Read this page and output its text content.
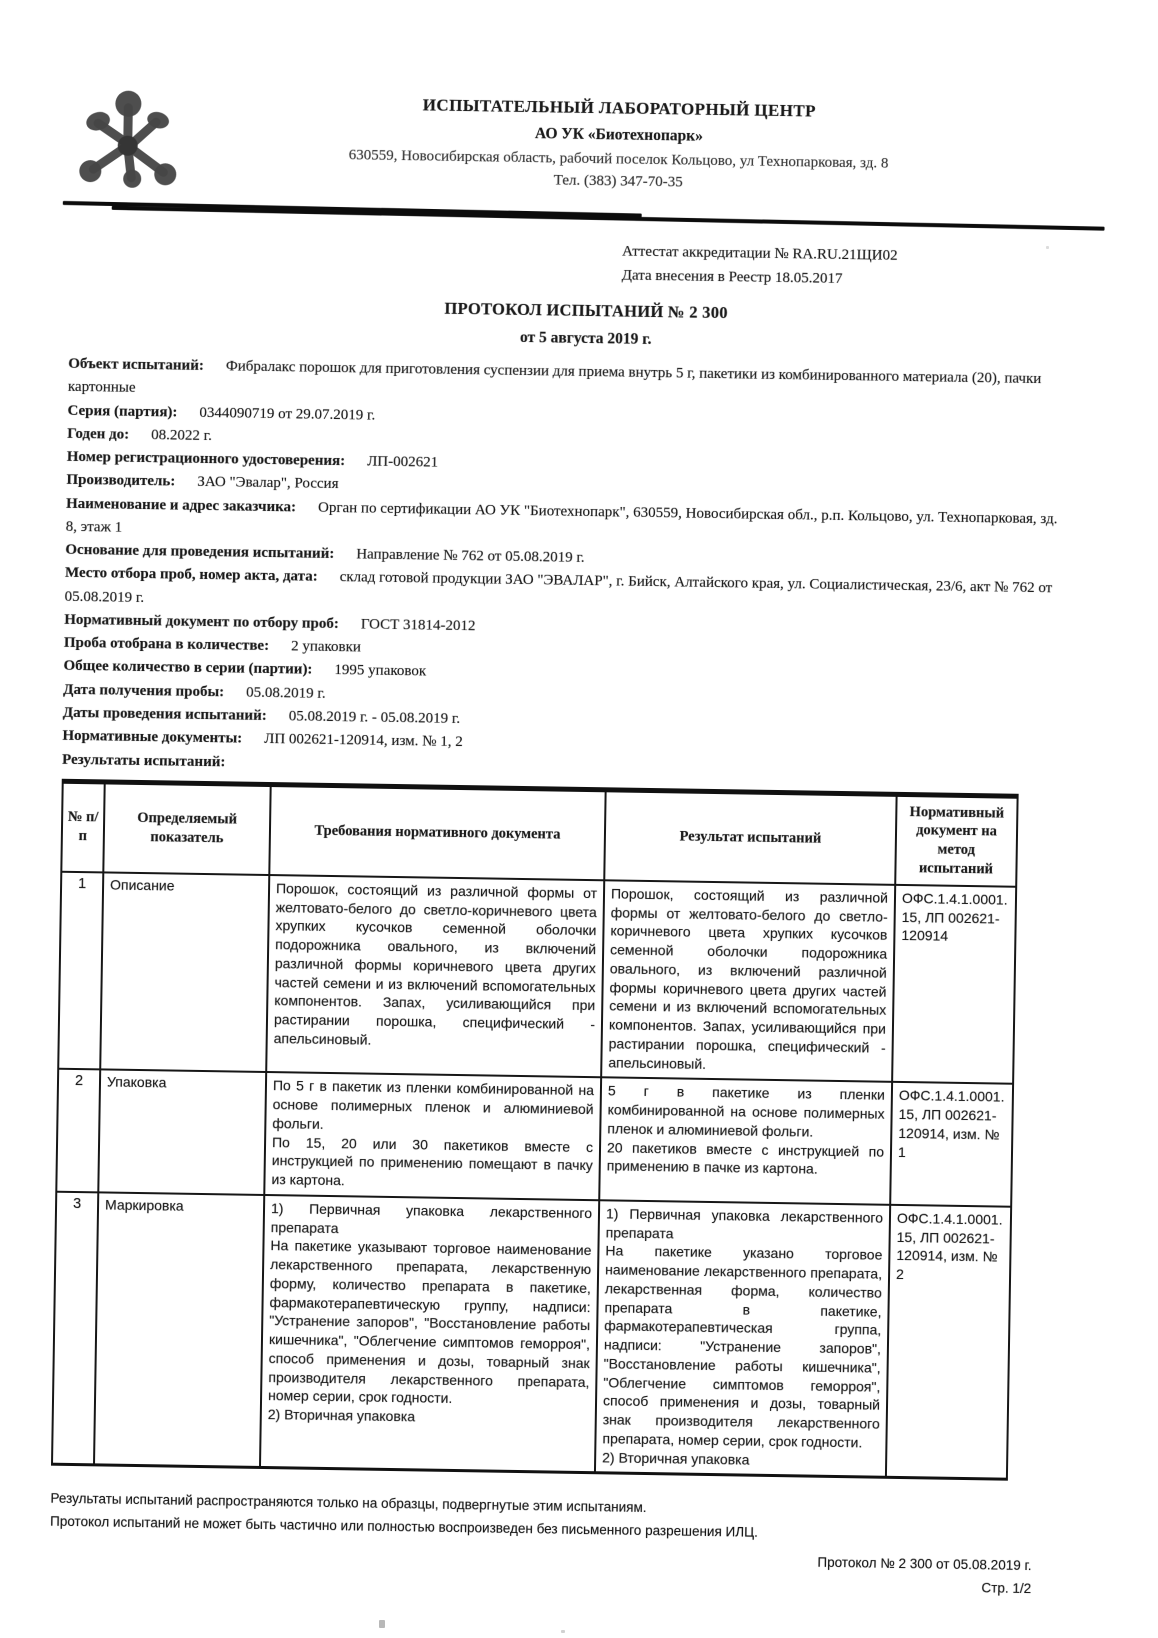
ИСПЫТАТЕЛЬНЫЙ ЛАБОРАТОРНЫЙ ЦЕНТР
АО УК «Биотехнопарк»
630559, Новосибирская область, рабочий поселок Кольцово, ул Технопарковая, зд. 8
Тел. (383) 347-70-35
Аттестат аккредитации № RA.RU.21ЩИ02
Дата внесения в Реестр 18.05.2017
ПРОТОКОЛ ИСПЫТАНИЙ № 2 300
от 5 августа 2019 г.

Объект испытаний: Фибралакс порошок для приготовления суспензии для приема внутрь 5 г, пакетики из комбинированного материала (20), пачки картонные

Серия (партия): 0344090719 от 29.07.2019 г.

Годен до: 08.2022 г.

Номер регистрационного удостоверения: ЛП-002621

Производитель: ЗАО "Эвалар", Россия

Наименование и адрес заказчика: Орган по сертификации АО УК "Биотехнопарк", 630559, Новосибирская обл., р.п. Кольцово, ул. Технопарковая, зд. 8, этаж 1

Основание для проведения испытаний: Направление № 762 от 05.08.2019 г.

Место отбора проб, номер акта, дата: склад готовой продукции ЗАО "ЭВАЛАР", г. Бийск, Алтайского края, ул. Социалистическая, 23/6, акт № 762 от 05.08.2019 г.

Нормативный документ по отбору проб: ГОСТ 31814-2012

Проба отобрана в количестве: 2 упаковки

Общее количество в серии (партии): 1995 упаковок

Дата получения пробы: 05.08.2019 г.

Даты проведения испытаний: 05.08.2019 г. - 05.08.2019 г.

Нормативные документы: ЛП 002621-120914, изм. № 1, 2

Результаты испытаний:

№ п/п	Определяемый показатель	Требования нормативного документа	Результат испытаний	Нормативный документ на метод испытаний
1	Описание	Порошок, состоящий из различной формы от желтовато-белого до светло-коричневого цвета хрупких кусочков семенной оболочки подорожника овального, из включений различной формы коричневого цвета других частей семени и из включений вспомогательных компонентов. Запах, усиливающийся при растирании порошка, специфический - апельсиновый.	Порошок, состоящий из различной формы от желтовато-белого до светло-коричневого цвета хрупких кусочков семенной оболочки подорожника овального, из включений различной формы коричневого цвета других частей семени и из включений вспомогательных компонентов. Запах, усиливающийся при растирании порошка, специфический - апельсиновый.	ОФС.1.4.1.0001.
15, ЛП 002621-
120914
2	Упаковка	По 5 г в пакетик из пленки комбинированной на основе полимерных пленок и алюминиевой фольги.
По 15, 20 или 30 пакетиков вместе с инструкцией по применению помещают в пачку из картона.	5 г в пакетике из пленки комбинированной на основе полимерных пленок и алюминиевой фольги.
20 пакетиков вместе с инструкцией по применению в пачке из картона.	ОФС.1.4.1.0001.
15, ЛП 002621-
120914, изм. №
1
3	Маркировка	1) Первичная упаковка лекарственного препарата
На пакетике указывают торговое наименование лекарственного препарата, лекарственную форму, количество препарата в пакетике, фармакотерапевтическую группу, надписи: "Устранение запоров", "Восстановление работы кишечника", "Облегчение симптомов геморроя", способ применения и дозы, товарный знак производителя лекарственного препарата, номер серии, срок годности.
2) Вторичная упаковка	1) Первичная упаковка лекарственного препарата
На пакетике указано торговое наименование лекарственного препарата, лекарственная форма, количество препарата в пакетике, фармакотерапевтическая группа, надписи: "Устранение запоров", "Восстановление работы кишечника", "Облегчение симптомов геморроя", способ применения и дозы, товарный знак производителя лекарственного препарата, номер серии, срок годности.
2) Вторичная упаковка	ОФС.1.4.1.0001.
15, ЛП 002621-
120914, изм. №
2
Результаты испытаний распространяются только на образцы, подвергнутые этим испытаниям.
Протокол испытаний не может быть частично или полностью воспроизведен без письменного разрешения ИЛЦ.
Протокол № 2 300 от 05.08.2019 г.
Стр. 1/2
